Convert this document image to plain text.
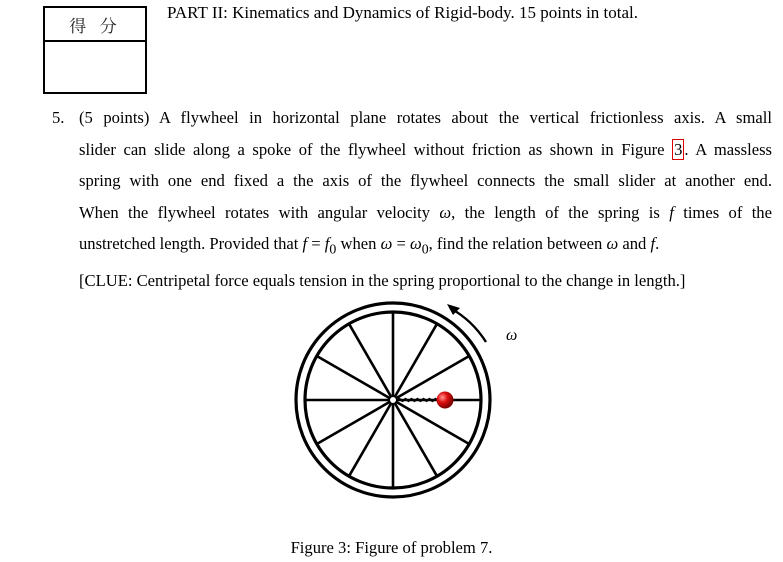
得 分
PART II: Kinematics and Dynamics of Rigid-body. 15 points in total.
5. (5 points) A flywheel in horizontal plane rotates about the vertical frictionless axis. A small
slider can slide along a spoke of the flywheel without friction as shown in Figure 3 . A massless
spring with one end fixed a the axis of the flywheel connects the small slider at another end.
When the flywheel rotates with angular velocity ω, the length of the spring is f times of the
unstretched length. Provided that $f = f_0$ when $\omega = \omega_0$, find the relation between ω and f.
[CLUE: Centripetal force equals tension in the spring proportional to the change in length.]
ω
Figure 3: Figure of problem 7.
